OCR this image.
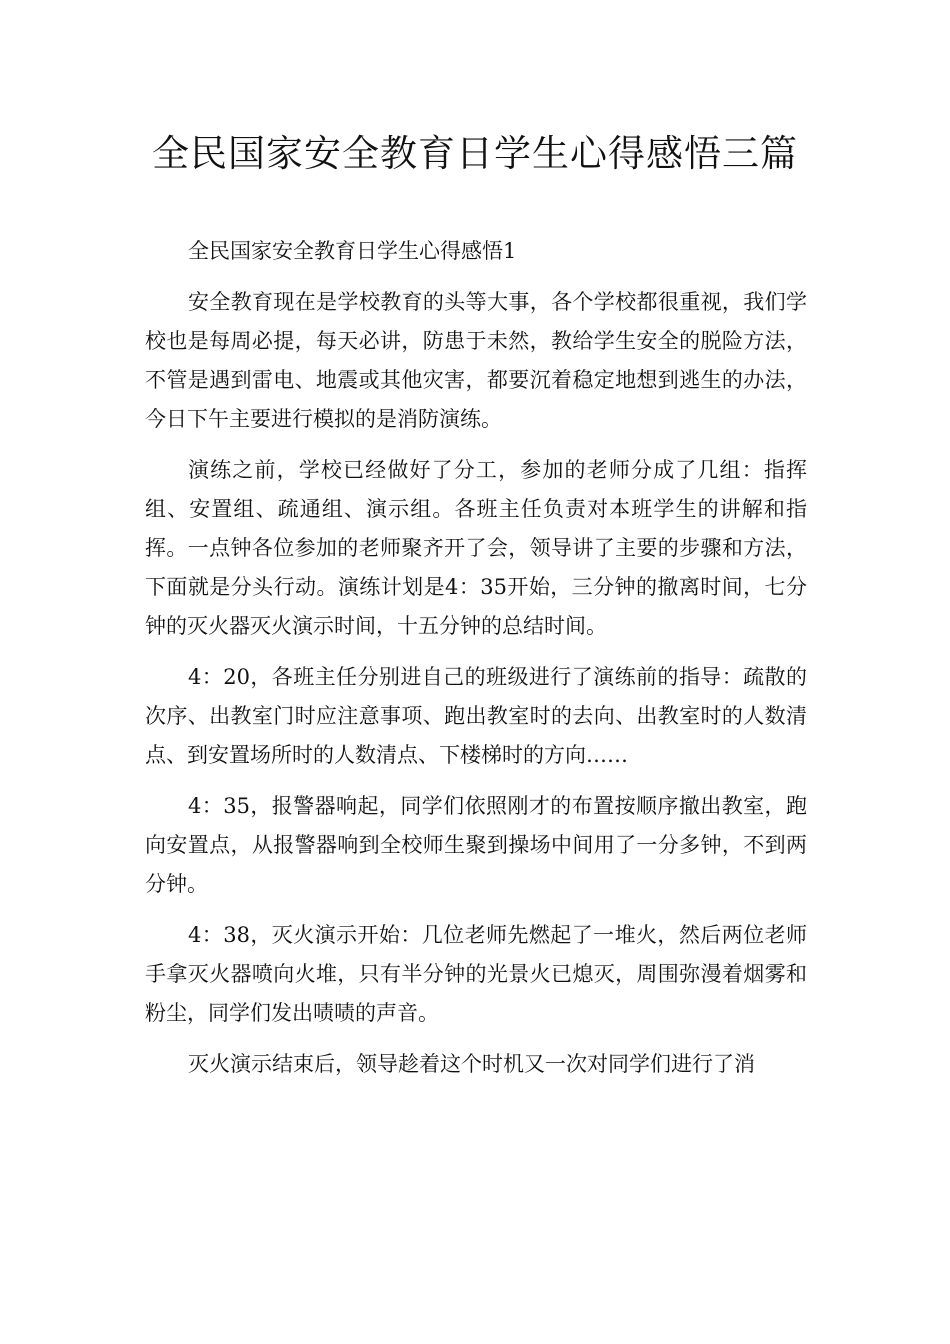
全民国家安全教育日学生心得感悟三篇

全民国家安全教育日学生心得感悟1

安全教育现在是学校教育的头等大事，各个学校都很重视，我们学校也是每周必提，每天必讲，防患于未然，教给学生安全的脱险方法，不管是遇到雷电、地震或其他灾害，都要沉着稳定地想到逃生的办法，今日下午主要进行模拟的是消防演练。

演练之前，学校已经做好了分工，参加的老师分成了几组：指挥组、安置组、疏通组、演示组。各班主任负责对本班学生的讲解和指挥。一点钟各位参加的老师聚齐开了会，领导讲了主要的步骤和方法，下面就是分头行动。演练计划是4：35开始，三分钟的撤离时间，七分钟的灭火器灭火演示时间，十五分钟的总结时间。

4：20，各班主任分别进自己的班级进行了演练前的指导：疏散的次序、出教室门时应注意事项、跑出教室时的去向、出教室时的人数清点、到安置场所时的人数清点、下楼梯时的方向……

4：35，报警器响起，同学们依照刚才的布置按顺序撤出教室，跑向安置点，从报警器响到全校师生聚到操场中间用了一分多钟，不到两分钟。

4：38，灭火演示开始：几位老师先燃起了一堆火，然后两位老师手拿灭火器喷向火堆，只有半分钟的光景火已熄灭，周围弥漫着烟雾和粉尘，同学们发出啧啧的声音。

灭火演示结束后，领导趁着这个时机又一次对同学们进行了消
